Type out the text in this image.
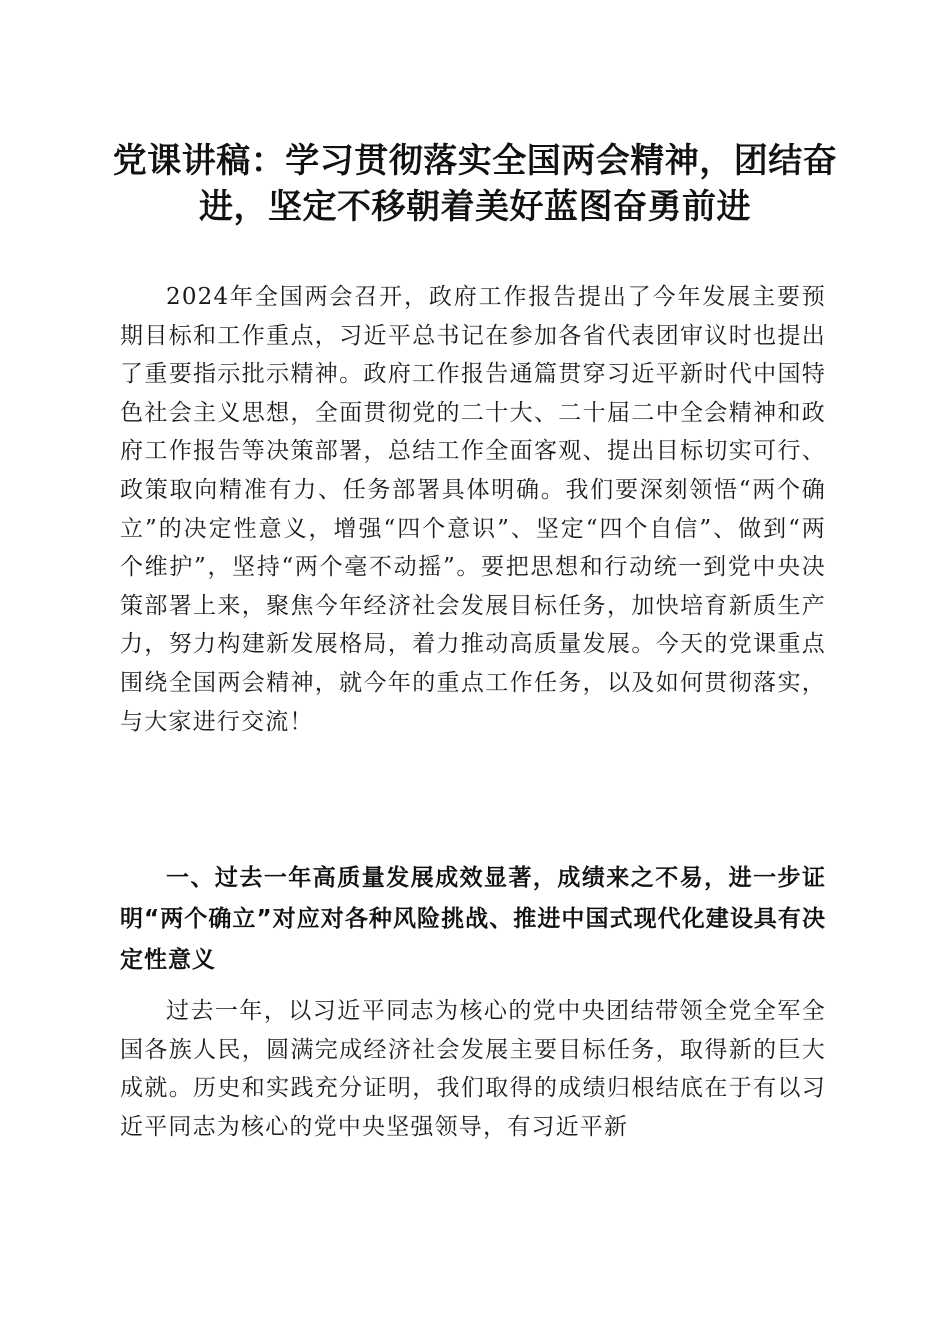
党课讲稿：学习贯彻落实全国两会精神，团结奋进，坚定不移朝着美好蓝图奋勇前进

2024年全国两会召开，政府工作报告提出了今年发展主要预期目标和工作重点，习近平总书记在参加各省代表团审议时也提出了重要指示批示精神。政府工作报告通篇贯穿习近平新时代中国特色社会主义思想，全面贯彻党的二十大、二十届二中全会精神和政府工作报告等决策部署，总结工作全面客观、提出目标切实可行、政策取向精准有力、任务部署具体明确。我们要深刻领悟“两个确立”的决定性意义，增强“四个意识”、坚定“四个自信”、做到“两个维护”，坚持“两个毫不动摇”。要把思想和行动统一到党中央决策部署上来，聚焦今年经济社会发展目标任务，加快培育新质生产力，努力构建新发展格局，着力推动高质量发展。今天的党课重点围绕全国两会精神，就今年的重点工作任务，以及如何贯彻落实，与大家进行交流！

一、过去一年高质量发展成效显著，成绩来之不易，进一步证明“两个确立”对应对各种风险挑战、推进中国式现代化建设具有决定性意义

过去一年，以习近平同志为核心的党中央团结带领全党全军全国各族人民，圆满完成经济社会发展主要目标任务，取得新的巨大成就。历史和实践充分证明，我们取得的成绩归根结底在于有以习近平同志为核心的党中央坚强领导，有习近平新
